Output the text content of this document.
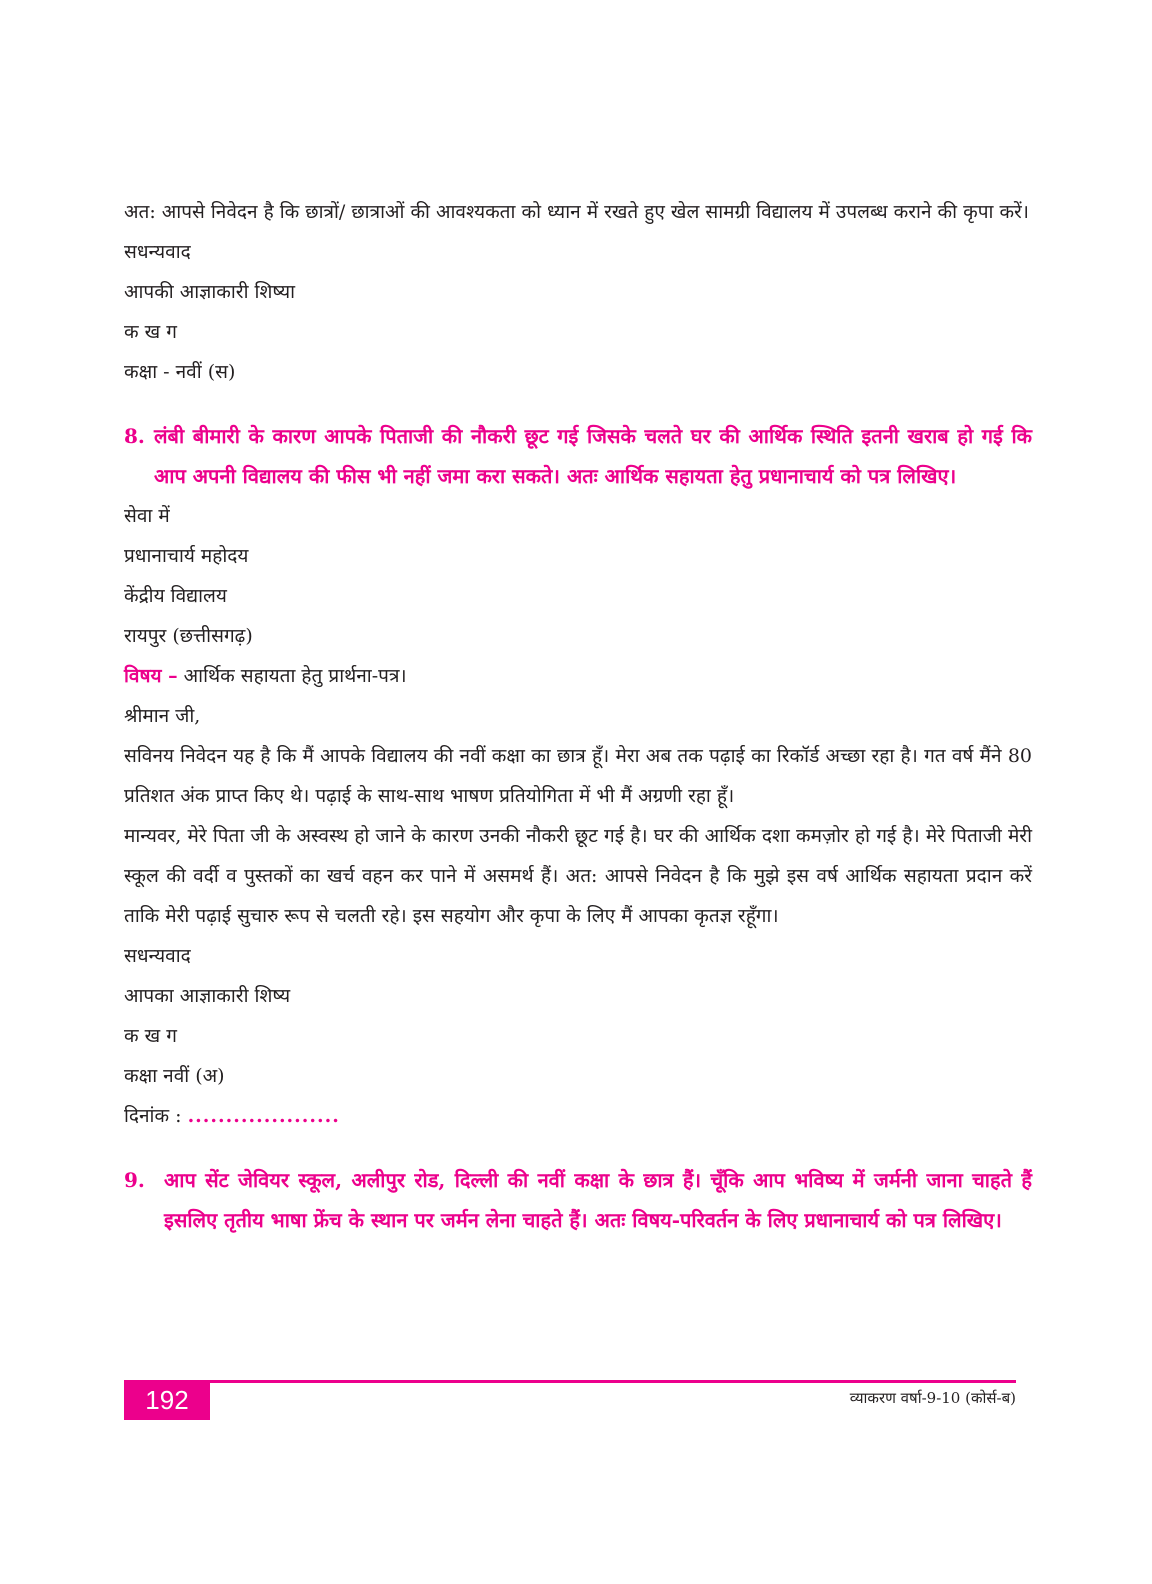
अत: आपसे निवेदन है कि छात्रों/ छात्राओं की आवश्यकता को ध्यान में रखते हुए खेल सामग्री विद्यालय में उपलब्ध कराने की कृपा करें।

सधन्यवाद

आपकी आज्ञाकारी शिष्या

क ख ग

कक्षा - नवीं (स)

8. लंबी बीमारी के कारण आपके पिताजी की नौकरी छूट गई जिसके चलते घर की आर्थिक स्थिति इतनी खराब हो गई कि आप अपनी विद्यालय की फीस भी नहीं जमा करा सकते। अतः आर्थिक सहायता हेतु प्रधानाचार्य को पत्र लिखिए।

सेवा में

प्रधानाचार्य महोदय

केंद्रीय विद्यालय

रायपुर (छत्तीसगढ़)

विषय – आर्थिक सहायता हेतु प्रार्थना-पत्र।

श्रीमान जी,

सविनय निवेदन यह है कि मैं आपके विद्यालय की नवीं कक्षा का छात्र हूँ। मेरा अब तक पढ़ाई का रिकॉर्ड अच्छा रहा है। गत वर्ष मैंने 80 प्रतिशत अंक प्राप्त किए थे। पढ़ाई के साथ-साथ भाषण प्रतियोगिता में भी मैं अग्रणी रहा हूँ।

मान्यवर, मेरे पिता जी के अस्वस्थ हो जाने के कारण उनकी नौकरी छूट गई है। घर की आर्थिक दशा कमज़ोर हो गई है। मेरे पिताजी मेरी स्कूल की वर्दी व पुस्तकों का खर्च वहन कर पाने में असमर्थ हैं। अत: आपसे निवेदन है कि मुझे इस वर्ष आर्थिक सहायता प्रदान करें ताकि मेरी पढ़ाई सुचारु रूप से चलती रहे। इस सहयोग और कृपा के लिए मैं आपका कृतज्ञ रहूँगा।

सधन्यवाद

आपका आज्ञाकारी शिष्य

क ख ग

कक्षा नवीं (अ)

दिनांक : ....................

9. आप सेंट जेवियर स्कूल, अलीपुर रोड, दिल्ली की नवीं कक्षा के छात्र हैं। चूँकि आप भविष्य में जर्मनी जाना चाहते हैं इसलिए तृतीय भाषा फ्रेंच के स्थान पर जर्मन लेना चाहते हैं। अतः विषय-परिवर्तन के लिए प्रधानाचार्य को पत्र लिखिए।
192	व्याकरण वर्षा-9-10 (कोर्स-ब)
